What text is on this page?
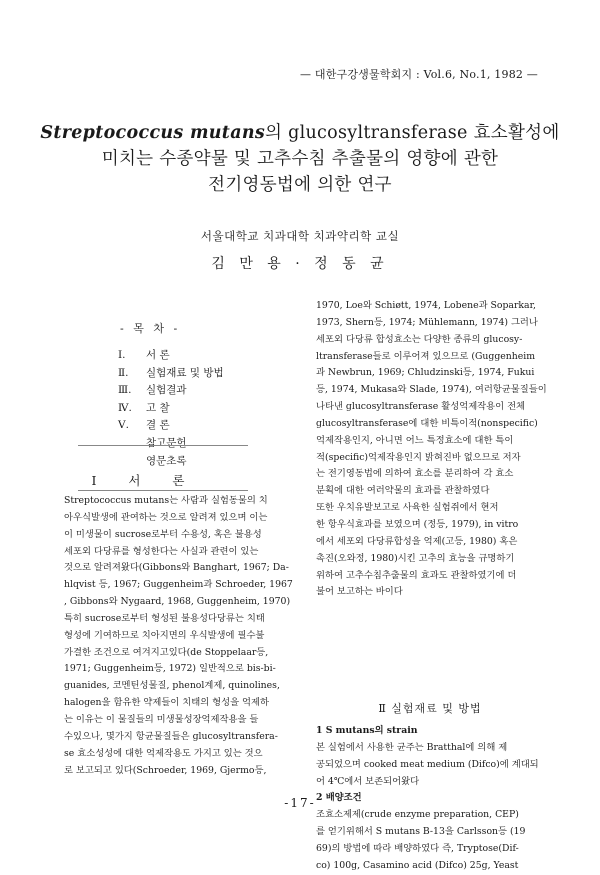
— 대한구강생물학회지 : Vol.6, No.1, 1982 —
Streptococcus mutans의 glucosyltransferase 효소활성에
미치는 수종약물 및 고추수침 추출물의 영향에 관한
전기영동법에 의한 연구
서울대학교 치과대학 치과약리학 교실
김 만 용 · 정 동 균
- 목 차 -
Ⅰ. 서 론
Ⅱ. 실험재료 및 방법
Ⅲ. 실험결과
Ⅳ. 고 찰
Ⅴ. 결 론
참고문헌
영문초록
Ⅰ 서 론
Streptococcus mutans는 사람과 실험동물의 치
아우식발생에 관여하는 것으로 알려져 있으며 이는
이 미생물이 sucrose로부터 수용성, 혹은 불용성
세포외 다당류를 형성한다는 사실과 관련이 있는
것으로 알려져왔다(Gibbons와 Banghart, 1967; Da-
hlqvist 등, 1967; Guggenheim과 Schroeder, 1967
, Gibbons와 Nygaard, 1968, Guggenheim, 1970)
특히 sucrose로부터 형성된 불용성다당류는 치태
형성에 기여하므로 치아지면의 우식발생에 필수불
가결한 조건으로 여겨지고있다(de Stoppelaar등,
1971; Guggenheim등, 1972) 일반적으로 bis-bi-
guanides, 코멘틴성물질, phenol계제, quinolines,
halogen을 함유한 약제들이 치태의 형성을 억제하
는 이유는 이 물질들의 미생물성장억제작용을 들
수있으나, 몇가지 항균물질들은 glucosyltransfera-
se 효소성성에 대한 억제작용도 가지고 있는 것으
로 보고되고 있다(Schroeder, 1969, Gjermo등,
1970, Loe와 Schiøtt, 1974, Lobene과 Soparkar,
1973, Shern등, 1974; Mühlemann, 1974) 그러나
세포외 다당류 합성효소는 다양한 종류의 glucosy-
ltransferase들로 이루어져 있으므로 (Guggenheim
과 Newbrun, 1969; Chludzinski등, 1974, Fukui
등, 1974, Mukasa와 Slade, 1974), 여러항균물질들이
나타낸 glucosyltransferase 활성억제작용이 전체
glucosyltransferase에 대한 비특이적(nonspecific)
억제작용인지, 아니면 어느 특정효소에 대한 특이
적(specific)억제작용인지 밝혀진바 없으므로 저자
는 전기영동법에 의하여 효소를 분리하여 각 효소
분획에 대한 여러약물의 효과를 관찰하였다
또한 우치유발보고로 사육한 실험쥐에서 현저
한 항우식효과를 보였으며 (정등, 1979), in vitro
에서 세포외 다당류합성을 억제(고등, 1980) 혹은
촉진(오와정, 1980)시킨 고추의 효능을 규명하기
위하여 고추수침추출물의 효과도 관찰하였기에 더
불어 보고하는 바이다
Ⅱ 실험재료 및 방법
1 S mutans의 strain
본 실험에서 사용한 균주는 Bratthal에 의해 제
공되었으며 cooked meat medium (Difco)에 계대되
어 4℃에서 보존되어왔다
2 배양조건
조효소제제(crude enzyme preparation, CEP)
를 얻기위해서 S mutans B-13을 Carlsson등 (19
69)의 방법에 따라 배양하였다 즉, Tryptose(Dif-
co) 100g, Casamino acid (Difco) 25g, Yeast
-17-
